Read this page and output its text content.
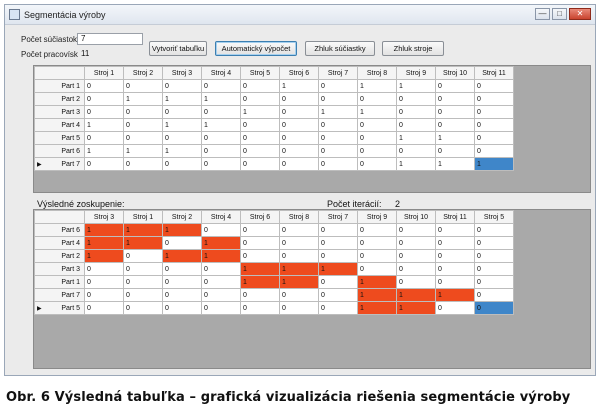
Segmentácia výroby	—	□	✕
Počet súčiastok 7
Počet pracovísk 11
Vytvoriť tabuľku	Automatický výpočet	Zhluk súčiastky	Zhluk stroje
	Stroj 1	Stroj 2	Stroj 3	Stroj 4	Stroj 5	Stroj 6	Stroj 7	Stroj 8	Stroj 9	Stroj 10	Stroj 11
Part 1	0	0	0	0	0	1	0	1	1	0	0
Part 2	0	1	1	1	0	0	0	0	0	0	0
Part 3	0	0	0	0	1	0	1	1	0	0	0
Part 4	1	0	1	1	0	0	0	0	0	0	0
Part 5	0	0	0	0	0	0	0	0	1	1	0
Part 6	1	1	1	0	0	0	0	0	0	0	0

▶ Part 7	0	0	0	0	0	0	0	0	1	1	1
Výsledné zoskupenie:	Počet iterácií: 2
	Stroj 3	Stroj 1	Stroj 2	Stroj 4	Stroj 6	Stroj 8	Stroj 7	Stroj 9	Stroj 10	Stroj 11	Stroj 5
Part 6	1	1	1	0	0	0	0	0	0	0	0
Part 4	1	1	0	1	0	0	0	0	0	0	0
Part 2	1	0	1	1	0	0	0	0	0	0	0
Part 3	0	0	0	0	1	1	1	0	0	0	0
Part 1	0	0	0	0	1	1	0	1	0	0	0
Part 7	0	0	0	0	0	0	0	1	1	1	0

▶ Part 5	0	0	0	0	0	0	0	1	1	0	0
Obr. 6 Výsledná tabuľka – grafická vizualizácia riešenia segmentácie výroby
